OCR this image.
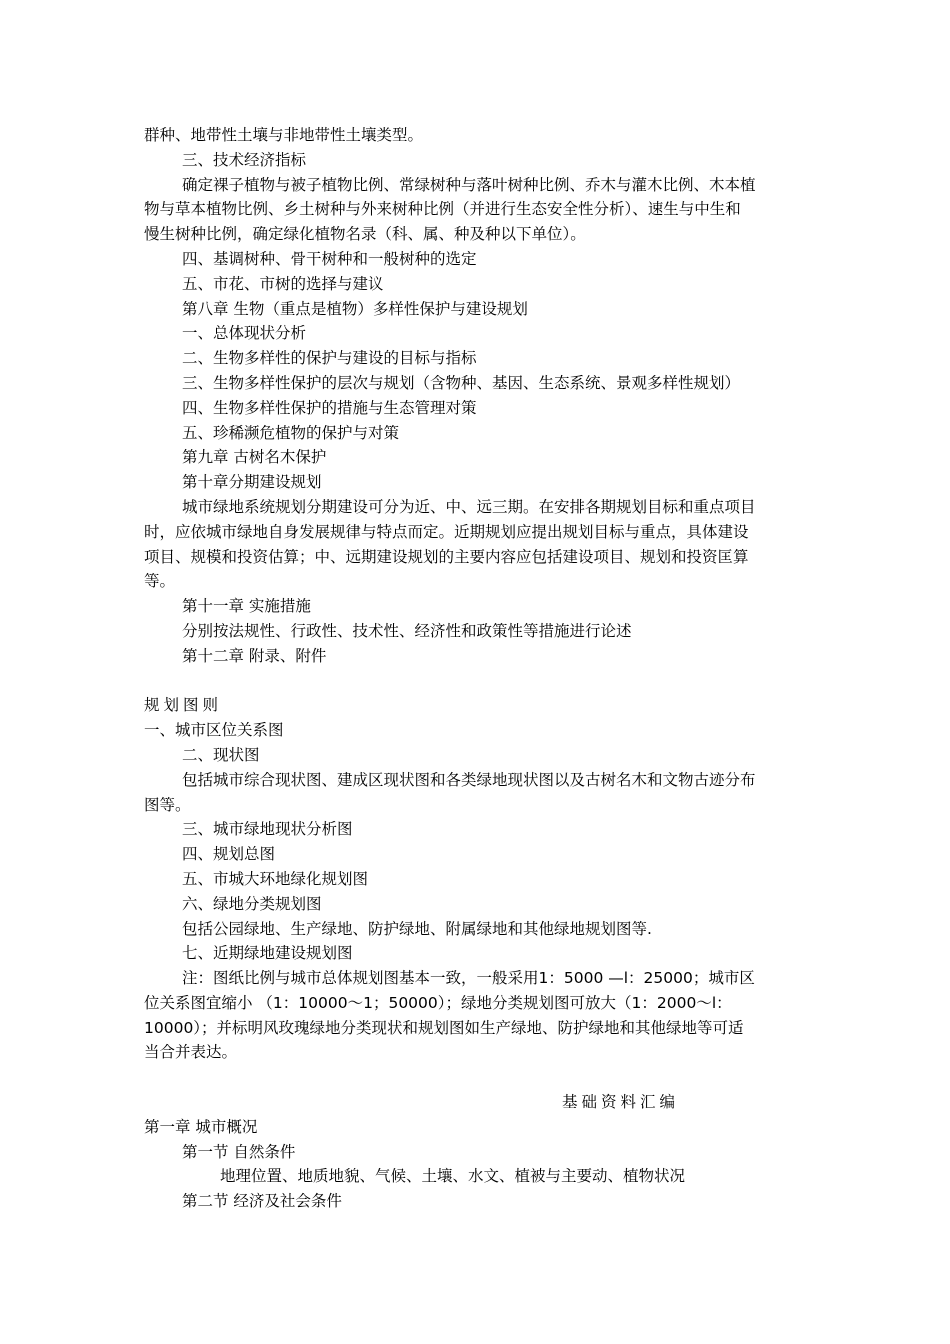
群种、地带性土壤与非地带性土壤类型。
三、技术经济指标
确定裸子植物与被子植物比例、常绿树种与落叶树种比例、乔木与灌木比例、木本植
物与草本植物比例、乡土树种与外来树种比例（并进行生态安全性分析）、速生与中生和
慢生树种比例，确定绿化植物名录（科、属、种及种以下单位）。
四、基调树种、骨干树种和一般树种的选定
五、市花、市树的选择与建议
第八章 生物（重点是植物）多样性保护与建设规划
一、总体现状分析
二、生物多样性的保护与建设的目标与指标
三、生物多样性保护的层次与规划（含物种、基因、生态系统、景观多样性规划）
四、生物多样性保护的措施与生态管理对策
五、珍稀濒危植物的保护与对策
第九章 古树名木保护
第十章分期建设规划
城市绿地系统规划分期建设可分为近、中、远三期。在安排各期规划目标和重点项目
时，应依城市绿地自身发展规律与特点而定。近期规划应提出规划目标与重点，具体建设
项目、规模和投资估算；中、远期建设规划的主要内容应包括建设项目、规划和投资匡算
等。
第十一章 实施措施
分别按法规性、行政性、技术性、经济性和政策性等措施进行论述
第十二章 附录、附件
规划图则
一、城市区位关系图
二、现状图
包括城市综合现状图、建成区现状图和各类绿地现状图以及古树名木和文物古迹分布
图等。
三、城市绿地现状分析图
四、规划总图
五、市城大环地绿化规划图
六、绿地分类规划图
包括公园绿地、生产绿地、防护绿地、附属绿地和其他绿地规划图等.
七、近期绿地建设规划图
注：图纸比例与城市总体规划图基本一致，一般采用1：5000 —l：25000；城市区
位关系图宜缩小 （1：10000～1；50000）；绿地分类规划图可放大（1：2000～l：
10000）；并标明风玫瑰绿地分类现状和规划图如生产绿地、防护绿地和其他绿地等可适
当合并表达。
基础资料汇编
第一章 城市概况
第一节 自然条件
地理位置、地质地貌、气候、土壤、水文、植被与主要动、植物状况
第二节 经济及社会条件
